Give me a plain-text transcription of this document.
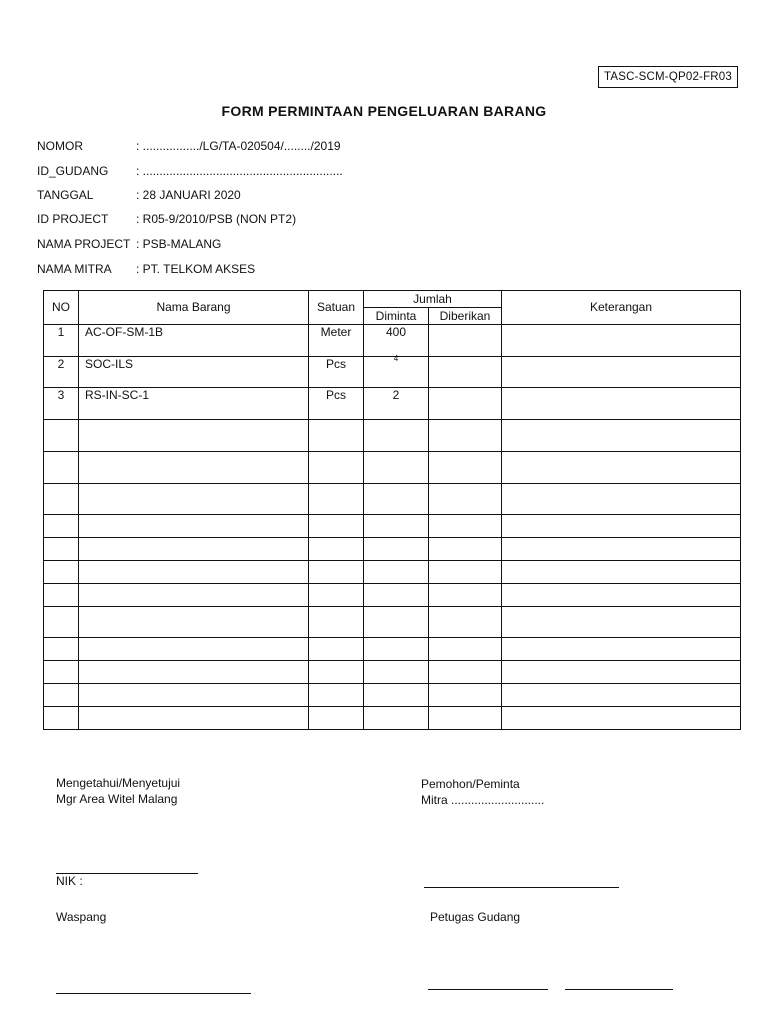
TASC-SCM-QP02-FR03
FORM PERMINTAAN PENGELUARAN BARANG
NOMOR	: ................./LG/TA-020504/......../2019
ID_GUDANG : ............................................................
TANGGAL	: 28 JANUARI 2020
ID PROJECT : R05-9/2010/PSB (NON PT2)
NAMA PROJECT : PSB-MALANG
NAMA MITRA : PT. TELKOM AKSES
NO	Nama Barang	Satuan	Jumlah		Keterangan
			Diminta	Diberikan	
1	AC-OF-SM-1B	Meter	400		
2	SOC-ILS	Pcs	4		
3	RS-IN-SC-1	Pcs	2		

Mengetahui/Menyetujui
Mgr Area Witel Malang
Pemohon/Peminta
Mitra ............................
NIK :
Waspang	Petugas Gudang
